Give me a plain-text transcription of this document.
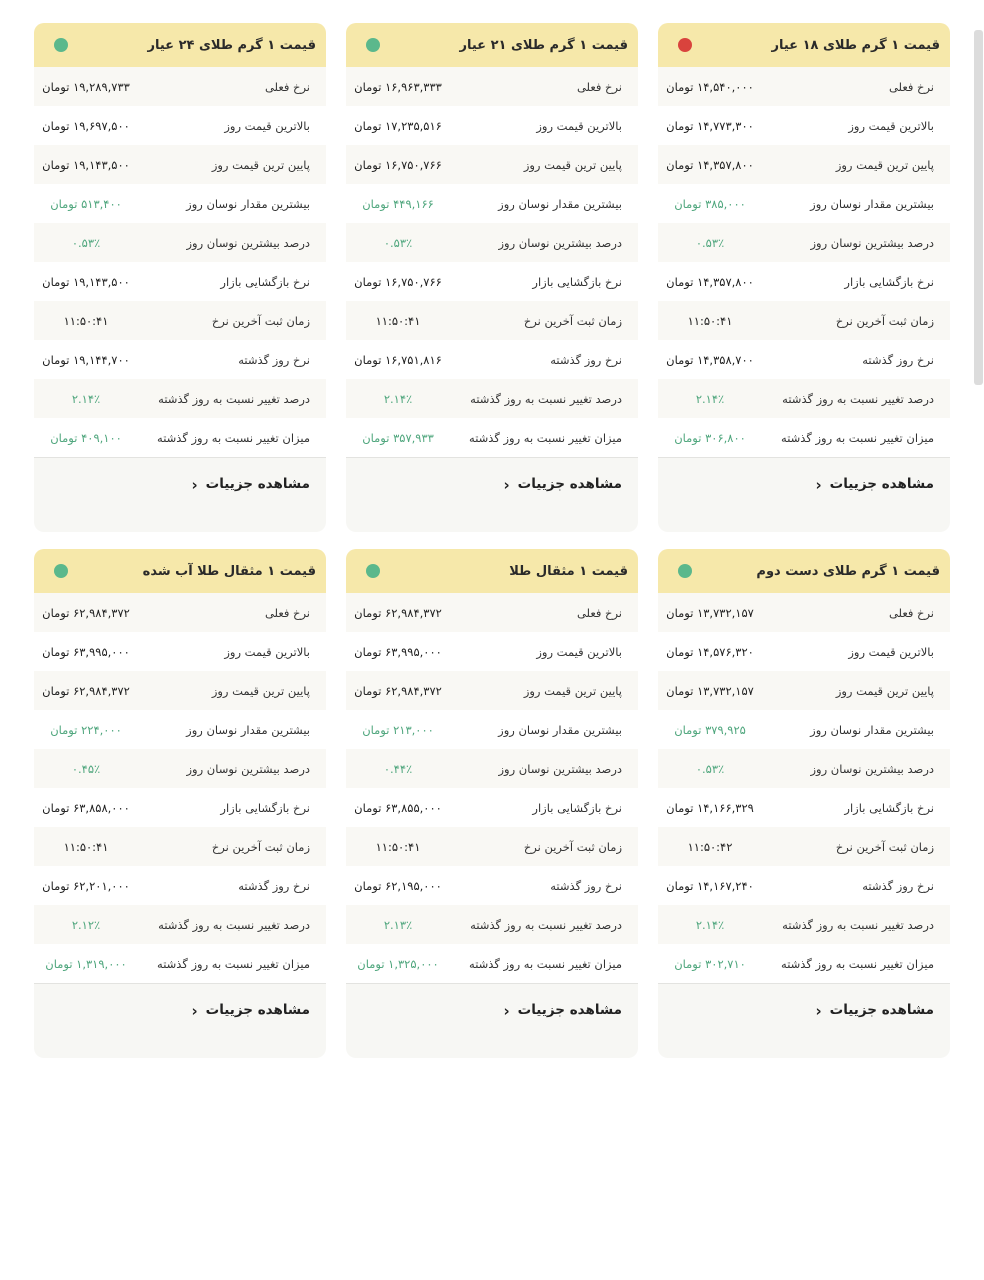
قیمت ۱ گرم طلای ۱۸ عیار
نرخ فعلی
۱۴,۵۴۰,۰۰۰ تومان
بالاترین قیمت روز
۱۴,۷۷۳,۳۰۰ تومان
پایین ترین قیمت روز
۱۴,۳۵۷,۸۰۰ تومان
بیشترین مقدار نوسان روز
۳۸۵,۰۰۰ تومان
درصد بیشترین نوسان روز
۰.۵۳٪
نرخ بازگشایی بازار
۱۴,۳۵۷,۸۰۰ تومان
زمان ثبت آخرین نرخ
۱۱:۵۰:۴۱
نرخ روز گذشته
۱۴,۳۵۸,۷۰۰ تومان
درصد تغییر نسبت به روز گذشته
۲.۱۴٪
میزان تغییر نسبت به روز گذشته
۳۰۶,۸۰۰ تومان
مشاهده جزییات
‹
قیمت ۱ گرم طلای ۲۱ عیار
نرخ فعلی
۱۶,۹۶۳,۳۳۳ تومان
بالاترین قیمت روز
۱۷,۲۳۵,۵۱۶ تومان
پایین ترین قیمت روز
۱۶,۷۵۰,۷۶۶ تومان
بیشترین مقدار نوسان روز
۴۴۹,۱۶۶ تومان
درصد بیشترین نوسان روز
۰.۵۳٪
نرخ بازگشایی بازار
۱۶,۷۵۰,۷۶۶ تومان
زمان ثبت آخرین نرخ
۱۱:۵۰:۴۱
نرخ روز گذشته
۱۶,۷۵۱,۸۱۶ تومان
درصد تغییر نسبت به روز گذشته
۲.۱۴٪
میزان تغییر نسبت به روز گذشته
۳۵۷,۹۳۳ تومان
مشاهده جزییات
‹
قیمت ۱ گرم طلای ۲۴ عیار
نرخ فعلی
۱۹,۲۸۹,۷۳۳ تومان
بالاترین قیمت روز
۱۹,۶۹۷,۵۰۰ تومان
پایین ترین قیمت روز
۱۹,۱۴۳,۵۰۰ تومان
بیشترین مقدار نوسان روز
۵۱۳,۴۰۰ تومان
درصد بیشترین نوسان روز
۰.۵۳٪
نرخ بازگشایی بازار
۱۹,۱۴۳,۵۰۰ تومان
زمان ثبت آخرین نرخ
۱۱:۵۰:۴۱
نرخ روز گذشته
۱۹,۱۴۴,۷۰۰ تومان
درصد تغییر نسبت به روز گذشته
۲.۱۴٪
میزان تغییر نسبت به روز گذشته
۴۰۹,۱۰۰ تومان
مشاهده جزییات
‹
قیمت ۱ گرم طلای دست دوم
نرخ فعلی
۱۳,۷۳۲,۱۵۷ تومان
بالاترین قیمت روز
۱۴,۵۷۶,۳۲۰ تومان
پایین ترین قیمت روز
۱۳,۷۳۲,۱۵۷ تومان
بیشترین مقدار نوسان روز
۳۷۹,۹۲۵ تومان
درصد بیشترین نوسان روز
۰.۵۳٪
نرخ بازگشایی بازار
۱۴,۱۶۶,۳۲۹ تومان
زمان ثبت آخرین نرخ
۱۱:۵۰:۴۲
نرخ روز گذشته
۱۴,۱۶۷,۲۴۰ تومان
درصد تغییر نسبت به روز گذشته
۲.۱۴٪
میزان تغییر نسبت به روز گذشته
۳۰۲,۷۱۰ تومان
مشاهده جزییات
‹
قیمت ۱ مثقال طلا
نرخ فعلی
۶۲,۹۸۴,۳۷۲ تومان
بالاترین قیمت روز
۶۳,۹۹۵,۰۰۰ تومان
پایین ترین قیمت روز
۶۲,۹۸۴,۳۷۲ تومان
بیشترین مقدار نوسان روز
۲۱۳,۰۰۰ تومان
درصد بیشترین نوسان روز
۰.۴۴٪
نرخ بازگشایی بازار
۶۳,۸۵۵,۰۰۰ تومان
زمان ثبت آخرین نرخ
۱۱:۵۰:۴۱
نرخ روز گذشته
۶۲,۱۹۵,۰۰۰ تومان
درصد تغییر نسبت به روز گذشته
۲.۱۳٪
میزان تغییر نسبت به روز گذشته
۱,۳۲۵,۰۰۰ تومان
مشاهده جزییات
‹
قیمت ۱ مثقال طلا آب شده
نرخ فعلی
۶۲,۹۸۴,۳۷۲ تومان
بالاترین قیمت روز
۶۳,۹۹۵,۰۰۰ تومان
پایین ترین قیمت روز
۶۲,۹۸۴,۳۷۲ تومان
بیشترین مقدار نوسان روز
۲۲۴,۰۰۰ تومان
درصد بیشترین نوسان روز
۰.۴۵٪
نرخ بازگشایی بازار
۶۳,۸۵۸,۰۰۰ تومان
زمان ثبت آخرین نرخ
۱۱:۵۰:۴۱
نرخ روز گذشته
۶۲,۲۰۱,۰۰۰ تومان
درصد تغییر نسبت به روز گذشته
۲.۱۲٪
میزان تغییر نسبت به روز گذشته
۱,۳۱۹,۰۰۰ تومان
مشاهده جزییات
‹
